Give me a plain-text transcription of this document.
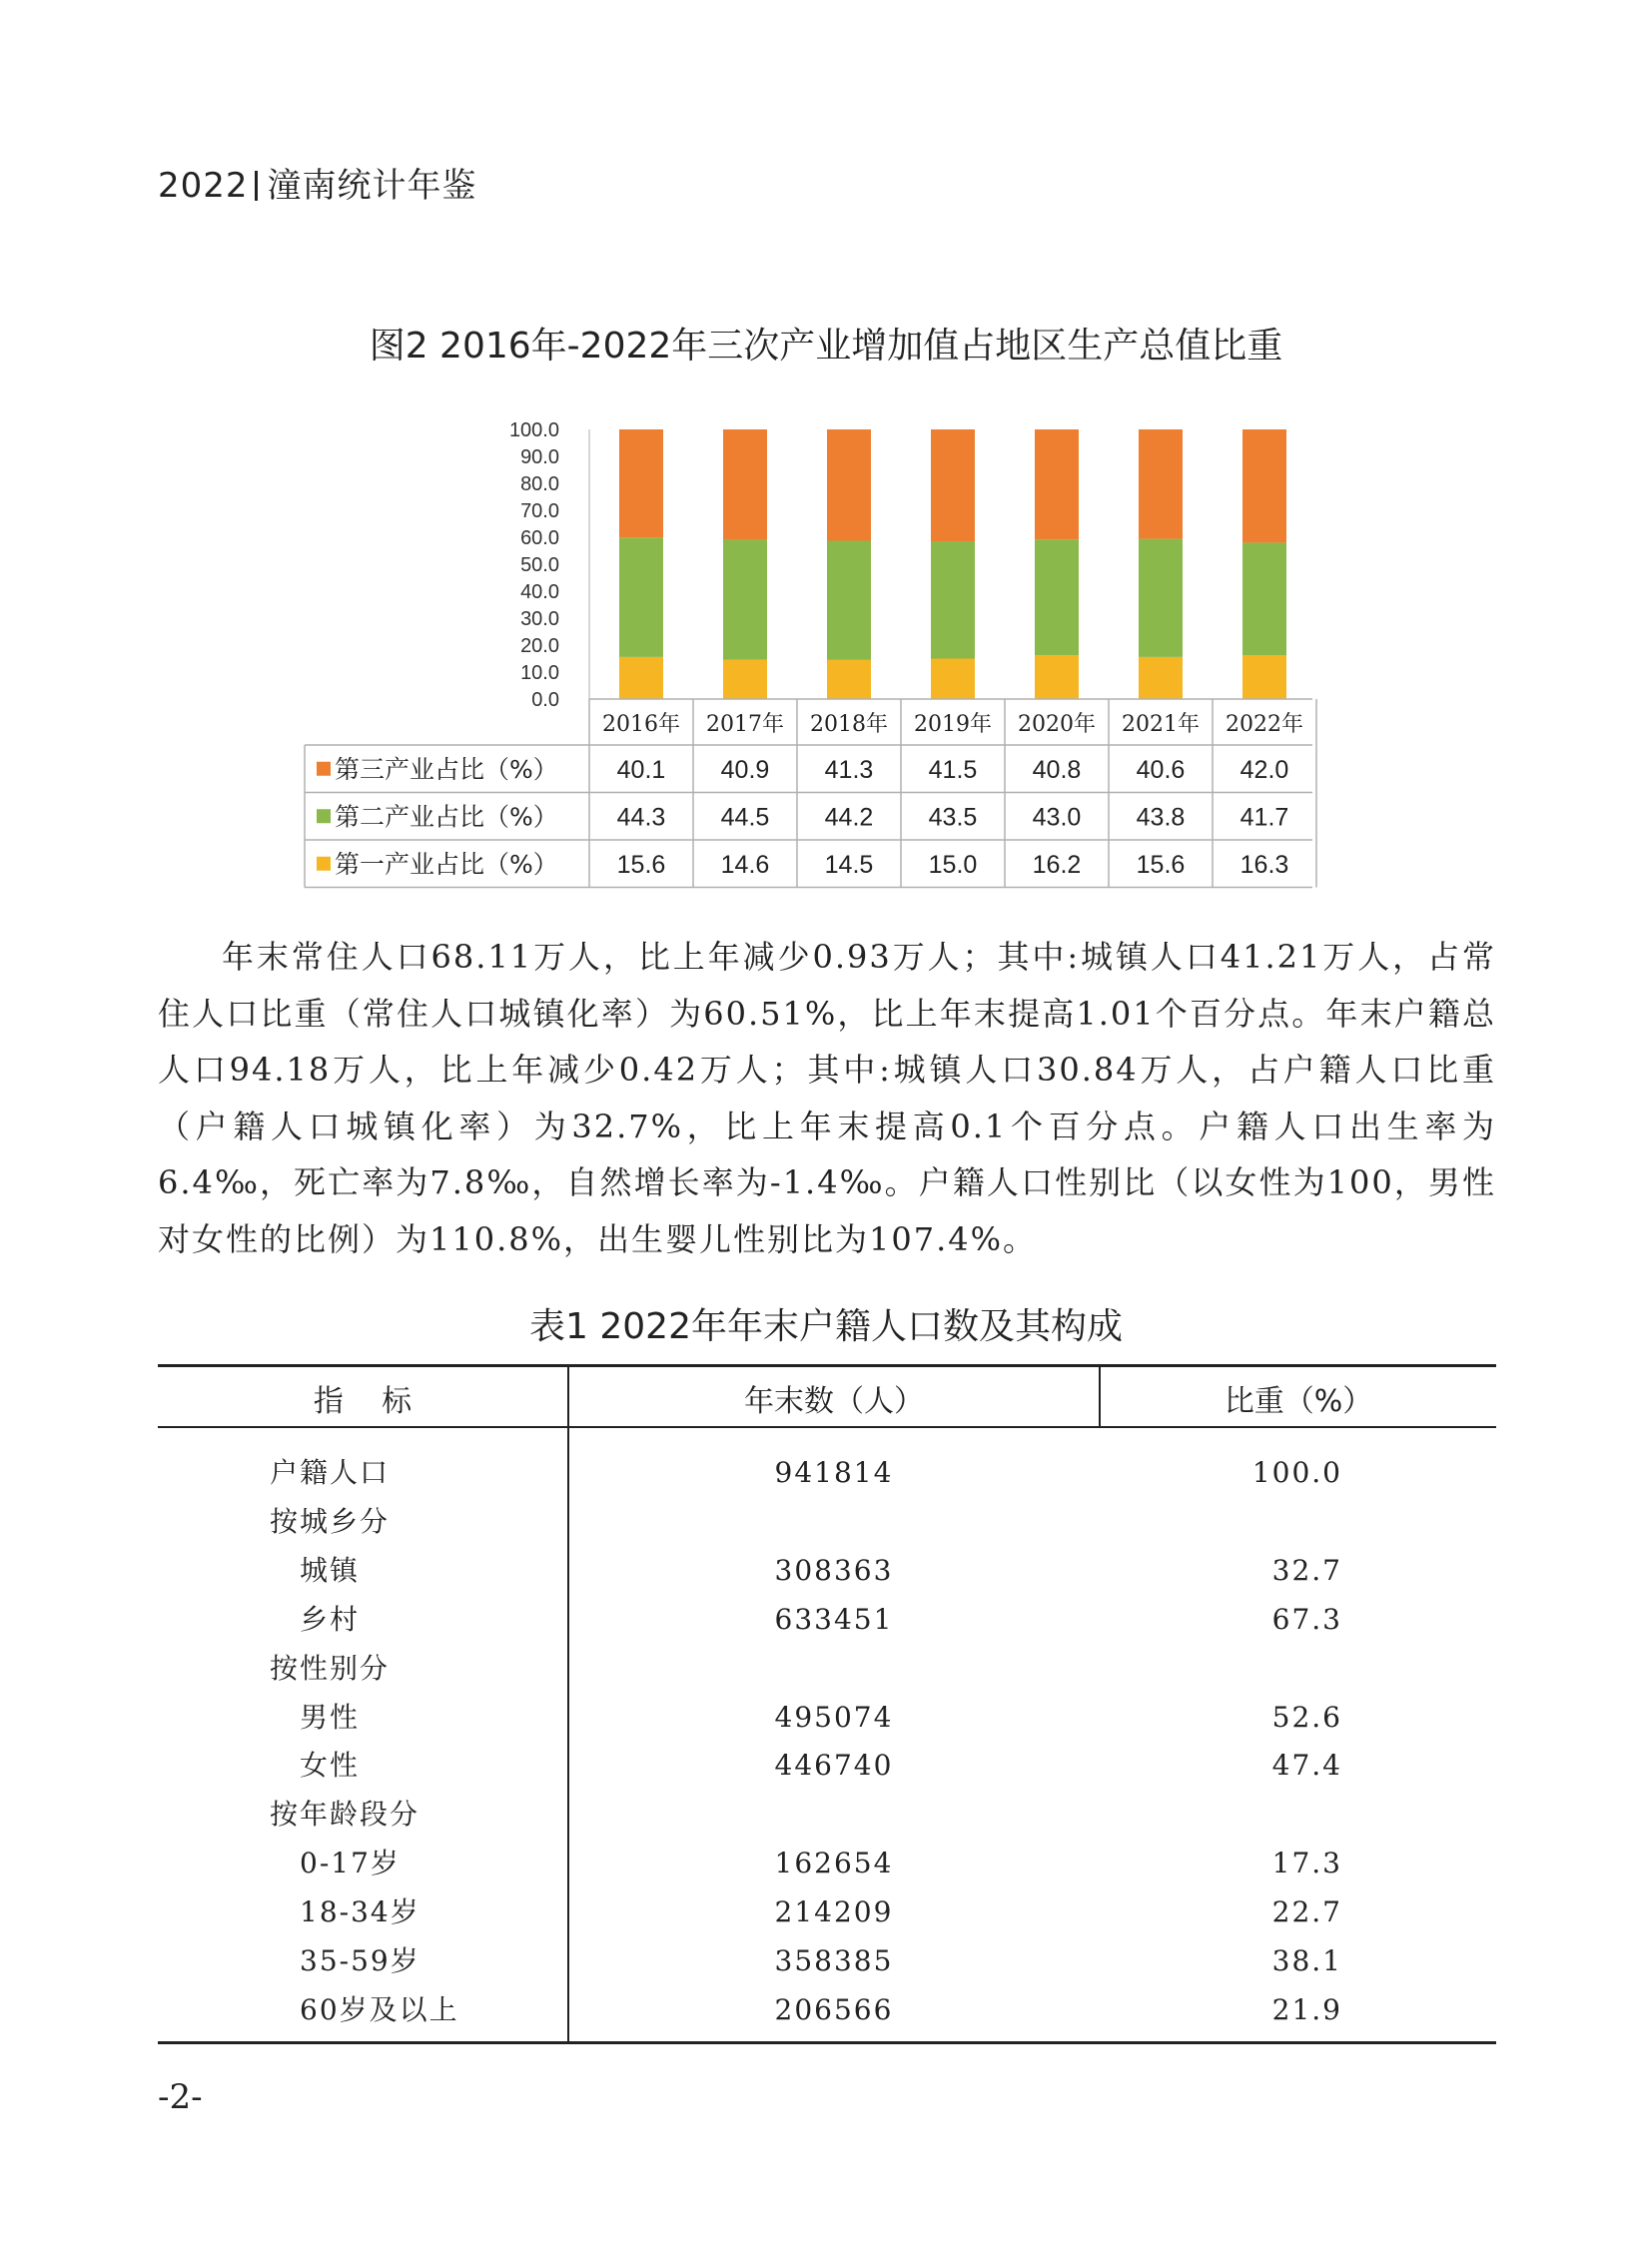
2022 潼南统计年鉴
图2 2016年-2022年三次产业增加值占地区生产总值比重
100.0
90.0
80.0
70.0
60.0
50.0
40.0
30.0
20.0
10.0
0.0
2016年 2017年 2018年 2019年 2020年 2021年 2022年
第三产业占比（%） 40.1 40.9 41.3 41.5 40.8 40.6 42.0
第二产业占比（%） 44.3 44.5 44.2 43.5 43.0 43.8 41.7
第一产业占比（%） 15.6 14.6 14.5 15.0 16.2 15.6 16.3

年末常住人口68.11万人，比上年减少0.93万人；其中:城镇人口41.21万人，占常住人口比重（常住人口城镇化率）为60.51%，比上年末提高1.01个百分点。年末户籍总人口94.18万人，比上年减少0.42万人；其中:城镇人口30.84万人，占户籍人口比重（户籍人口城镇化率）为32.7%，比上年末提高0.1个百分点。户籍人口出生率为6.4‰，死亡率为7.8‰，自然增长率为-1.4‰。户籍人口性别比（以女性为100，男性对女性的比例）为110.8%，出生婴儿性别比为107.4%。

表1 2022年年末户籍人口数及其构成
指    标	年末数（人）	比重（%）
户籍人口	941814	100.0
按城乡分
城镇	308363	32.7
乡村	633451	67.3
按性别分
男性	495074	52.6
女性	446740	47.4
按年龄段分
0-17岁	162654	17.3
18-34岁	214209	22.7
35-59岁	358385	38.1
60岁及以上	206566	21.9
-2-
